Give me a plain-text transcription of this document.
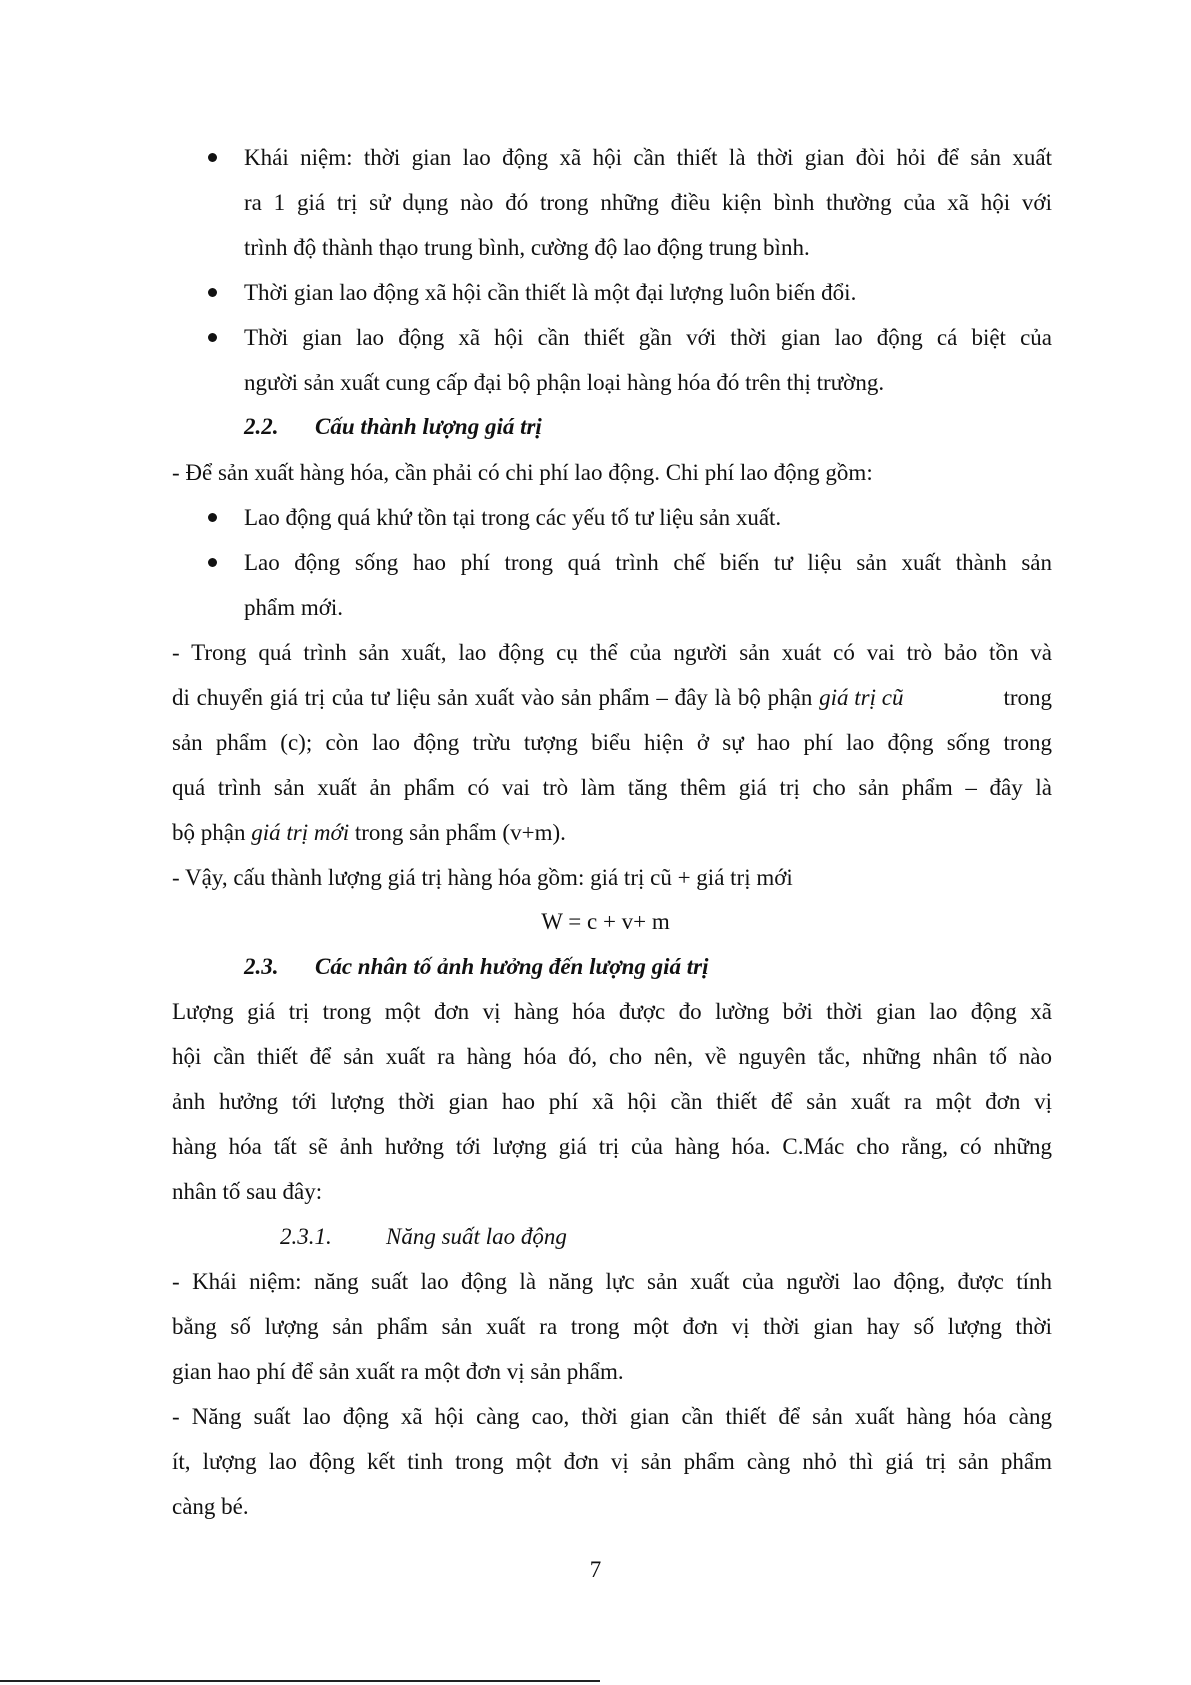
Khái niệm: thời gian lao động xã hội cần thiết là thời gian đòi hỏi để sản xuất

ra 1 giá trị sử dụng nào đó trong những điều kiện bình thường của xã hội với

trình độ thành thạo trung bình, cường độ lao động trung bình.

Thời gian lao động xã hội cần thiết là một đại lượng luôn biến đổi.

Thời gian lao động xã hội cần thiết gần với thời gian lao động cá biệt của

người sản xuất cung cấp đại bộ phận loại hàng hóa đó trên thị trường.

2.2. Cấu thành lượng giá trị

- Để sản xuất hàng hóa, cần phải có chi phí lao động. Chi phí lao động gồm:

Lao động quá khứ tồn tại trong các yếu tố tư liệu sản xuất.

Lao động sống hao phí trong quá trình chế biến tư liệu sản xuất thành sản

phẩm mới.

- Trong quá trình sản xuất, lao động cụ thể của người sản xuát có vai trò bảo tồn và

di chuyển giá trị của tư liệu sản xuất vào sản phẩm – đây là bộ phận giá trị cũ	trong

sản phẩm (c); còn lao động trừu tượng biểu hiện ở sự hao phí lao động sống trong

quá trình sản xuất ản phẩm có vai trò làm tăng thêm giá trị cho sản phẩm – đây là

bộ phận giá trị mới trong sản phẩm (v+m).

- Vậy, cấu thành lượng giá trị hàng hóa gồm: giá trị cũ + giá trị mới

W = c + v+ m

2.3. Các nhân tố ảnh hưởng đến lượng giá trị

Lượng giá trị trong một đơn vị hàng hóa được đo lường bởi thời gian lao động xã

hội cần thiết để sản xuất ra hàng hóa đó, cho nên, về nguyên tắc, những nhân tố nào

ảnh hưởng tới lượng thời gian hao phí xã hội cần thiết để sản xuất ra một đơn vị

hàng hóa tất sẽ ảnh hưởng tới lượng giá trị của hàng hóa. C.Mác cho rằng, có những

nhân tố sau đây:

2.3.1. Năng suất lao động

- Khái niệm: năng suất lao động là năng lực sản xuất của người lao động, được tính

bằng số lượng sản phẩm sản xuất ra trong một đơn vị thời gian hay số lượng thời

gian hao phí để sản xuất ra một đơn vị sản phẩm.

- Năng suất lao động xã hội càng cao, thời gian cần thiết để sản xuất hàng hóa càng

ít, lượng lao động kết tinh trong một đơn vị sản phẩm càng nhỏ thì giá trị sản phẩm

càng bé.

7
